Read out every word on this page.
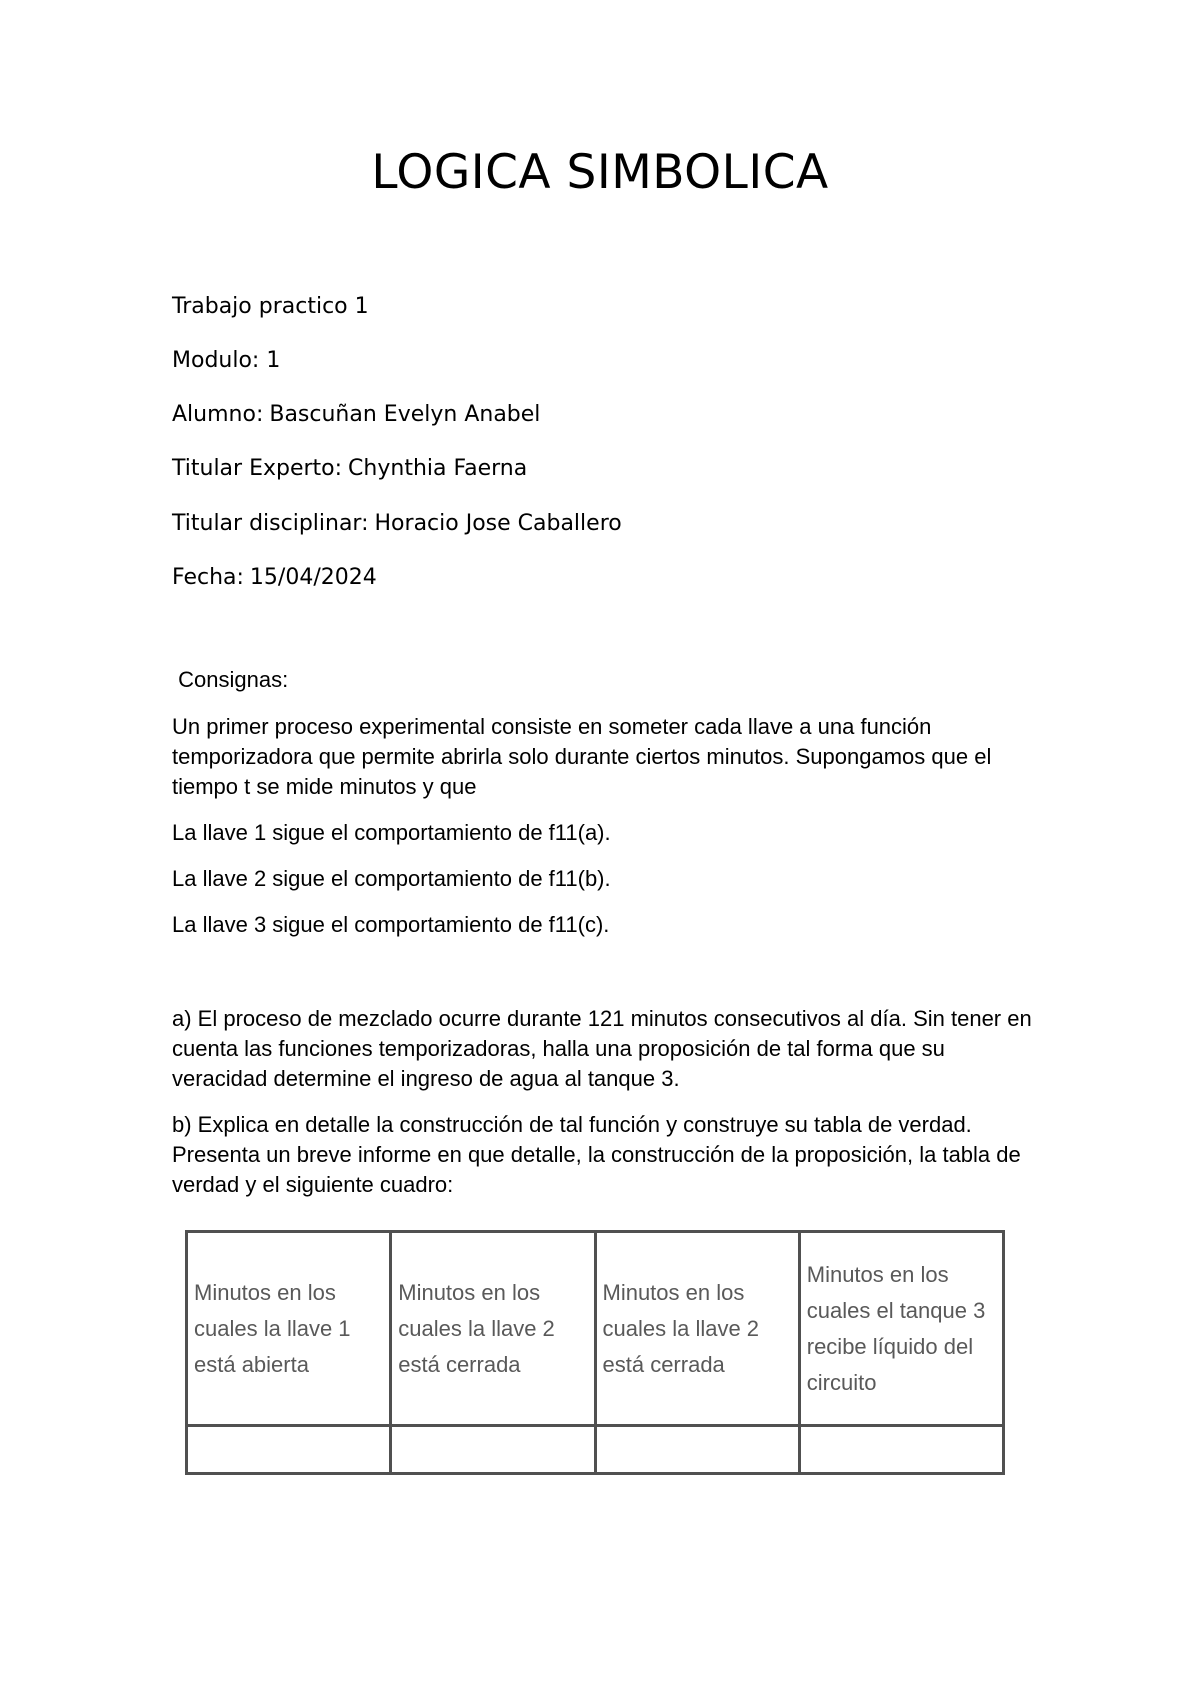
LOGICA SIMBOLICA
Trabajo practico 1
Modulo: 1
Alumno: Bascuñan Evelyn Anabel
Titular Experto: Chynthia Faerna
Titular disciplinar: Horacio Jose Caballero
Fecha: 15/04/2024

Consignas:

Un primer proceso experimental consiste en someter cada llave a una función temporizadora que permite abrirla solo durante ciertos minutos. Supongamos que el tiempo t se mide minutos y que

La llave 1 sigue el comportamiento de f11(a).

La llave 2 sigue el comportamiento de f11(b).

La llave 3 sigue el comportamiento de f11(c).

a) El proceso de mezclado ocurre durante 121 minutos consecutivos al día. Sin tener en cuenta las funciones temporizadoras, halla una proposición de tal forma que su veracidad determine el ingreso de agua al tanque 3.

b) Explica en detalle la construcción de tal función y construye su tabla de verdad. Presenta un breve informe en que detalle, la construcción de la proposición, la tabla de verdad y el siguiente cuadro:

Minutos en los cuales la llave 1 está abierta	Minutos en los cuales la llave 2 está cerrada	Minutos en los cuales la llave 2 está cerrada	Minutos en los cuales el tanque 3 recibe líquido del circuito
